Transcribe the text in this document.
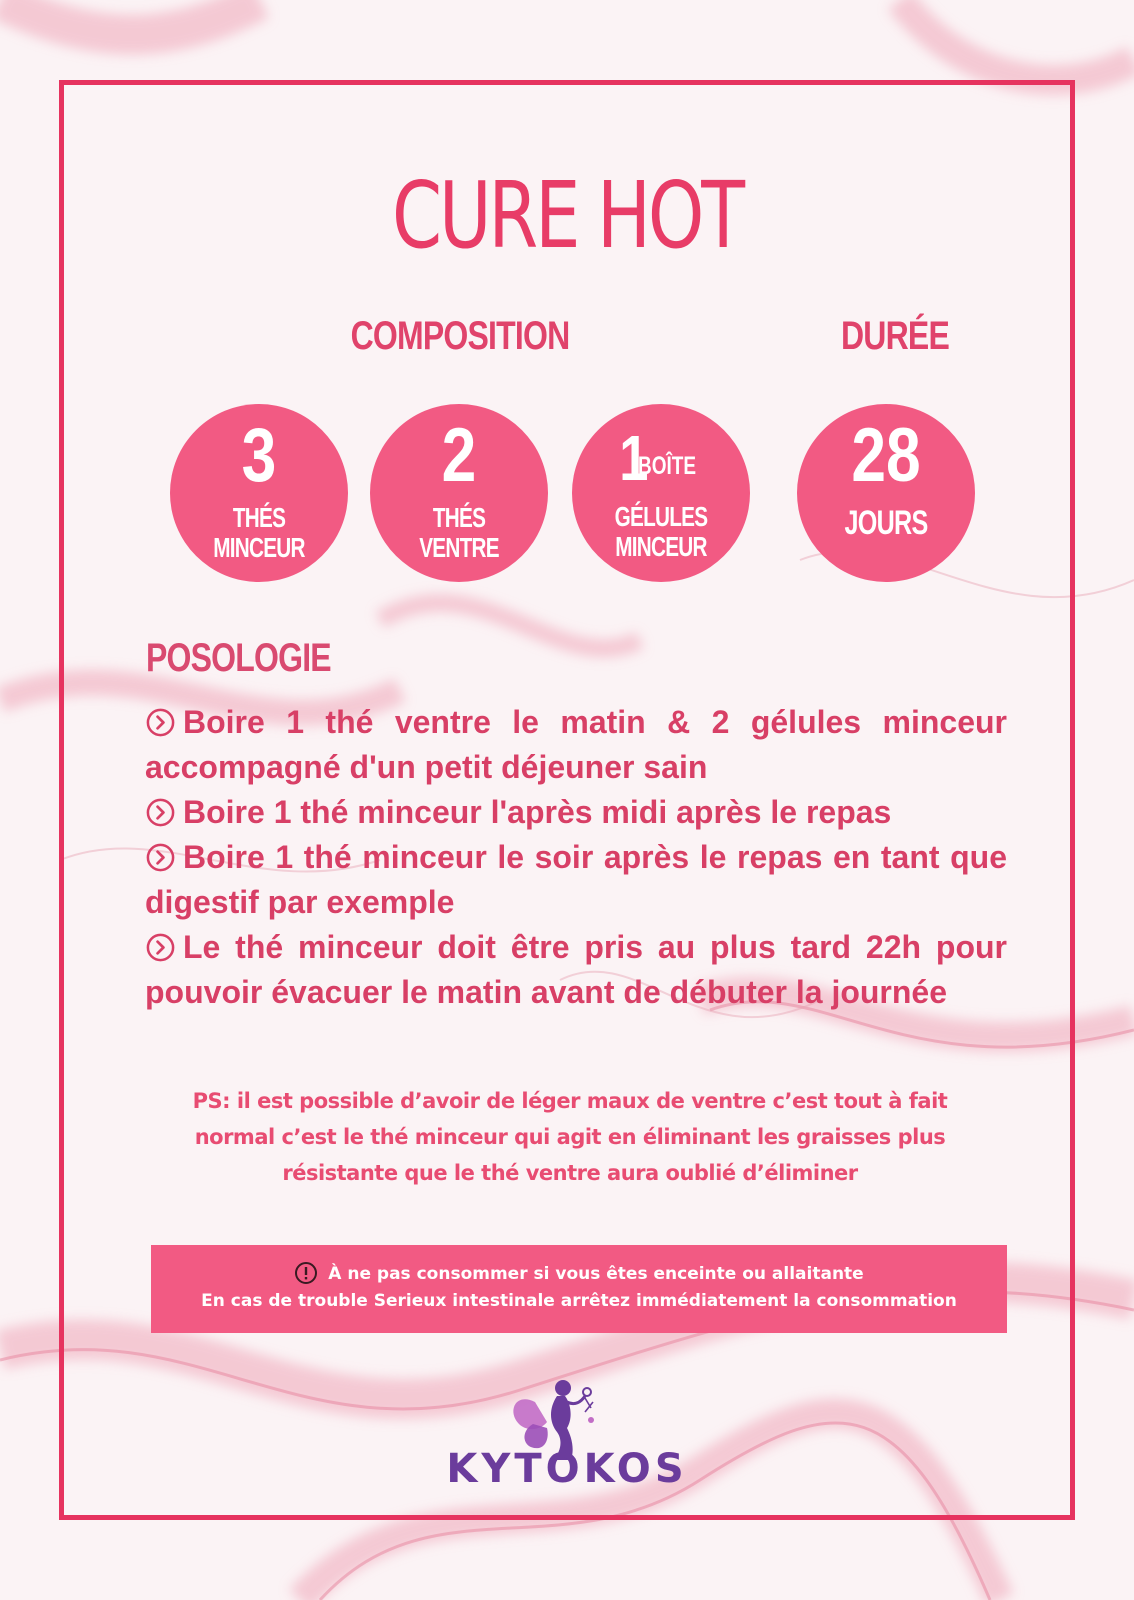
CURE HOT
COMPOSITION	DURÉE
3
THÉS MINCEUR
2
THÉS VENTRE
1
BOÎTE
GÉLULES
MINCEUR
28
JOURS
POSOLOGIE
Boire 1 thé ventre le matin & 2 gélules minceur accompagné d'un petit déjeuner sain
Boire 1 thé minceur l'après midi après le repas
Boire 1 thé minceur le soir après le repas en tant que digestif par exemple
Le thé minceur doit être pris au plus tard 22h pour pouvoir évacuer le matin avant de débuter la journée
PS: il est possible d’avoir de léger maux de ventre c’est tout à fait
normal c’est le thé minceur qui agit en éliminant les graisses plus
résistante que le thé ventre aura oublié d’éliminer
À ne pas consommer si vous êtes enceinte ou allaitante
En cas de trouble Serieux intestinale arrêtez immédiatement la consommation
KYTOKOS
